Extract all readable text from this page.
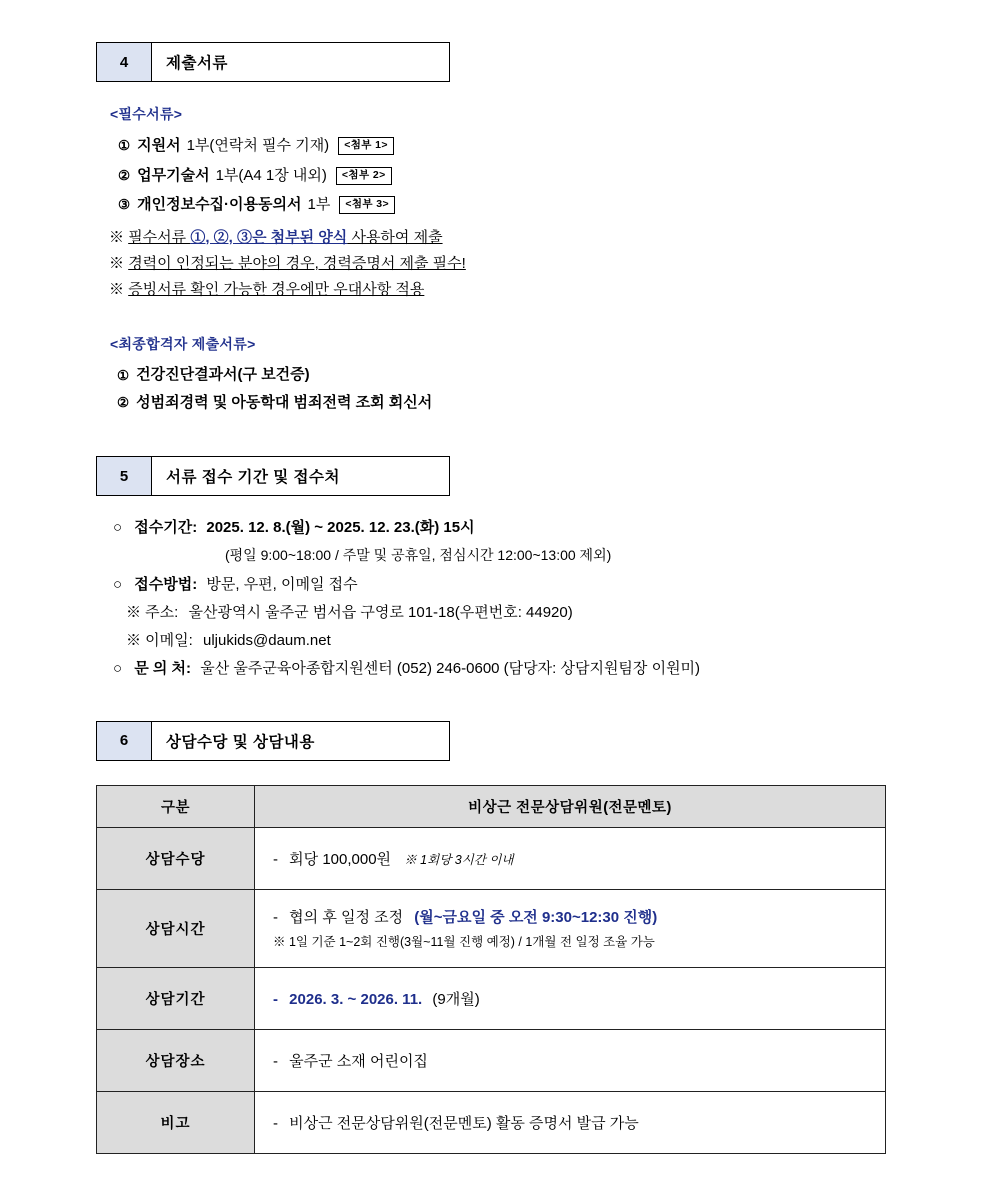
4	제출서류
<필수서류>
① 지원서 1부(연락처 필수 기재)	<첨부 1>
② 업무기술서 1부(A4 1장 내외)	<첨부 2>
③ 개인정보수집·이용동의서 1부	<첨부 3>
※ 필수서류 ①, ②, ③은 첨부된 양식 사용하여 제출
※ 경력이 인정되는 분야의 경우, 경력증명서 제출 필수!
※ 증빙서류 확인 가능한 경우에만 우대사항 적용
<최종합격자 제출서류>
① 건강진단결과서(구 보건증)
② 성범죄경력 및 아동학대 범죄전력 조회 회신서
5	서류 접수 기간 및 접수처
○ 접수기간: 2025. 12. 8.(월) ~ 2025. 12. 23.(화) 15시
(평일 9:00~18:00 / 주말 및 공휴일, 점심시간 12:00~13:00 제외)
○ 접수방법: 방문, 우편, 이메일 접수
※ 주소: 울산광역시 울주군 범서읍 구영로 101-18(우편번호: 44920)
※ 이메일: uljukids@daum.net
○ 문 의 처: 울산 울주군육아종합지원센터 (052) 246-0600 (담당자: 상담지원팀장 이원미)
6	상담수당 및 상담내용
구분	비상근 전문상담위원(전문멘토)
상담수당	- 회당 100,000원 ※ 1회당 3시간 이내

상담시간	- 협의 후 일정 조정 (월~금요일 중 오전 9:30~12:30 진행)
※ 1일 기준 1~2회 진행(3월~11월 진행 예정) / 1개월 전 일정 조율 가능

상담기간	- 2026. 3. ~ 2026. 11. (9개월)

상담장소	- 울주군 소재 어린이집

비고	- 비상근 전문상담위원(전문멘토) 활동 증명서 발급 가능
